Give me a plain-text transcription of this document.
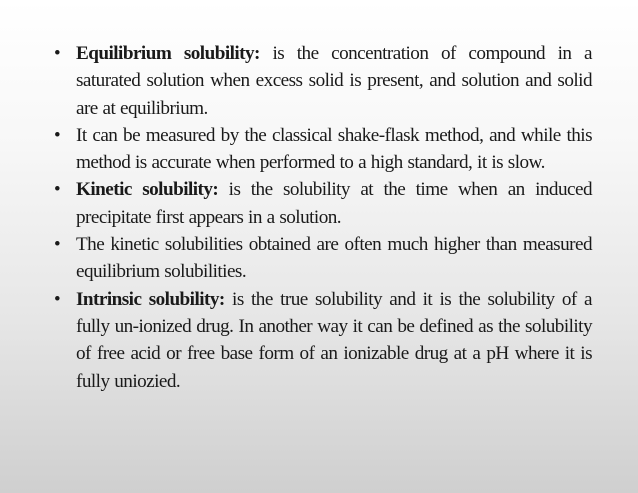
• Equilibrium solubility: is the concentration of compound in a saturated solution when excess solid is present, and solution and solid are at equilibrium.
• It can be measured by the classical shake-flask method, and while this method is accurate when performed to a high standard, it is slow.
• Kinetic solubility: is the solubility at the time when an induced precipitate first appears in a solution.
• The kinetic solubilities obtained are often much higher than measured equilibrium solubilities.
• Intrinsic solubility: is the true solubility and it is the solubility of a fully un-ionized drug. In another way it can be defined as the solubility of free acid or free base form of an ionizable drug at a pH where it is fully uniozied.
